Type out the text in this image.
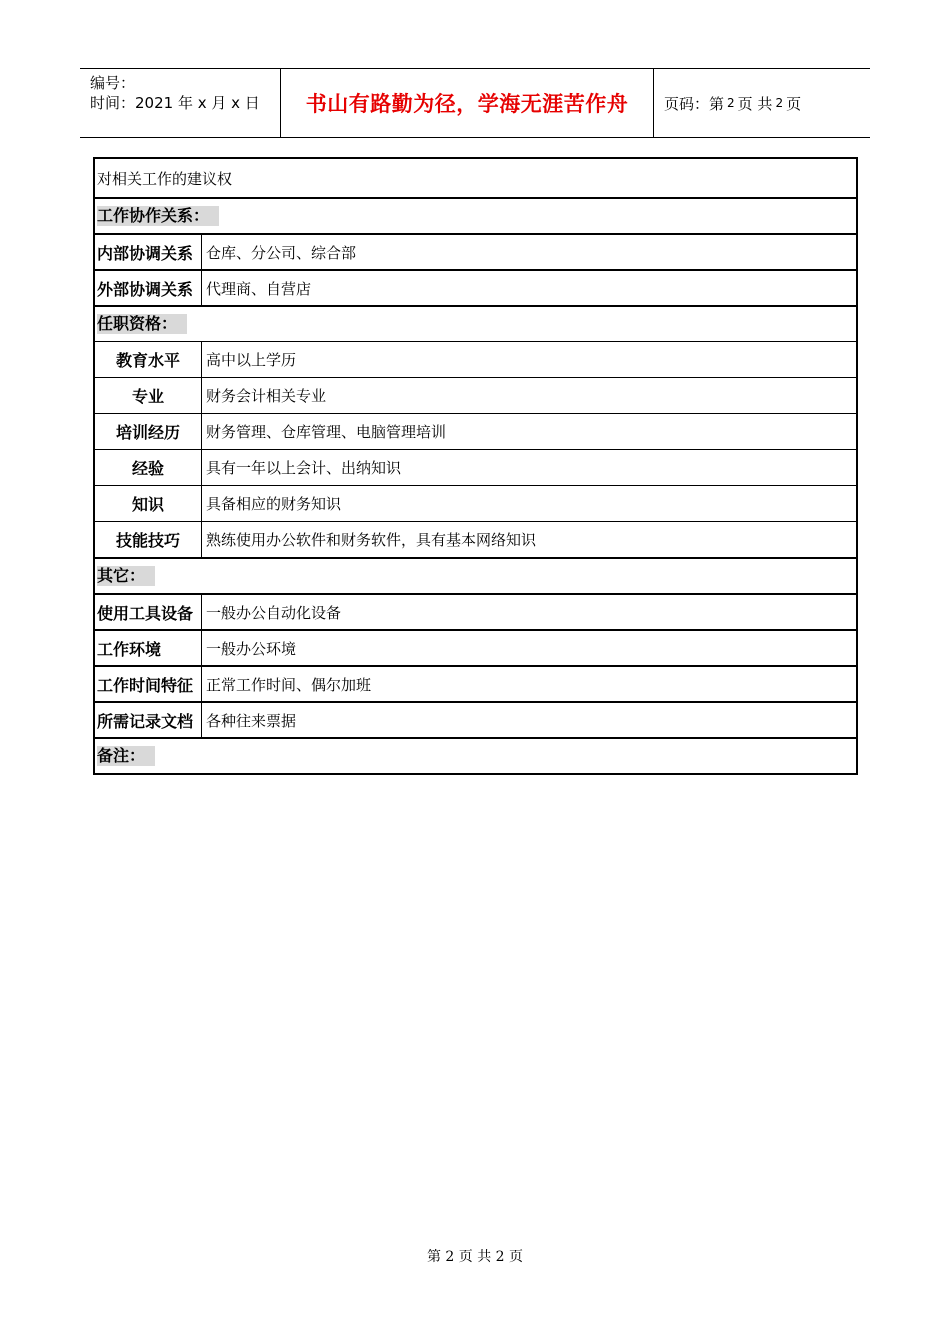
编号：
时间：2021 年 x 月 x 日	书山有路勤为径，学海无涯苦作舟 页码：第 2 页 共 2 页
对相关工作的建议权
工作协作关系：
内部协调关系 仓库、分公司、综合部
外部协调关系 代理商、自营店
任职资格：
教育水平	高中以上学历
专业	财务会计相关专业
培训经历	财务管理、仓库管理、电脑管理培训
经验	具有一年以上会计、出纳知识
知识	具备相应的财务知识
技能技巧	熟练使用办公软件和财务软件，具有基本网络知识
其它：
使用工具设备 一般办公自动化设备
工作环境	一般办公环境
工作时间特征 正常工作时间、偶尔加班
所需记录文档 各种往来票据
备注：
第 2 页 共 2 页
